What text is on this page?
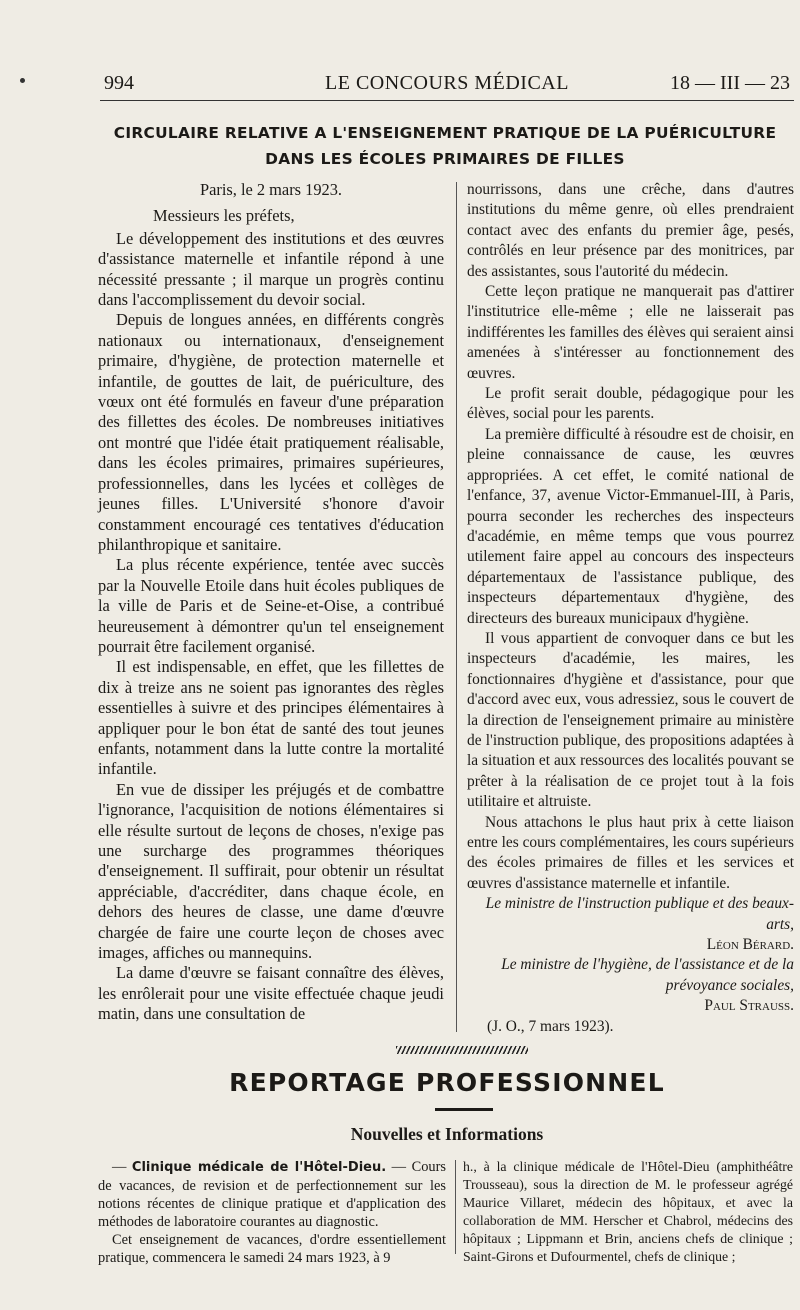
994	LE CONCOURS MÉDICAL	18 — III — 23
CIRCULAIRE RELATIVE A L'ENSEIGNEMENT PRATIQUE DE LA PUÉRICULTURE
DANS LES ÉCOLES PRIMAIRES DE FILLES

Paris, le 2 mars 1923.

Messieurs les préfets,

Le développement des institutions et des œuvres d'assistance maternelle et infantile répond à une nécessité pressante ; il marque un progrès continu dans l'accomplissement du devoir social.

Depuis de longues années, en différents congrès nationaux ou internationaux, d'enseignement primaire, d'hygiène, de protection maternelle et infantile, de gouttes de lait, de puériculture, des vœux ont été formulés en faveur d'une préparation des fillettes des écoles. De nombreuses initiatives ont montré que l'idée était pratiquement réalisable, dans les écoles primaires, primaires supérieures, professionnelles, dans les lycées et collèges de jeunes filles. L'Université s'honore d'avoir constamment encouragé ces tentatives d'éducation philanthropique et sanitaire.

La plus récente expérience, tentée avec succès par la Nouvelle Etoile dans huit écoles publiques de la ville de Paris et de Seine-et-Oise, a contribué heureusement à démontrer qu'un tel enseignement pourrait être facilement organisé.

Il est indispensable, en effet, que les fillettes de dix à treize ans ne soient pas ignorantes des règles essentielles à suivre et des principes élémentaires à appliquer pour le bon état de santé des tout jeunes enfants, notamment dans la lutte contre la mortalité infantile.

En vue de dissiper les préjugés et de combattre l'ignorance, l'acquisition de notions élémentaires si elle résulte surtout de leçons de choses, n'exige pas une surcharge des programmes théoriques d'enseignement. Il suffirait, pour obtenir un résultat appréciable, d'accréditer, dans chaque école, en dehors des heures de classe, une dame d'œuvre chargée de faire une courte leçon de choses avec images, affiches ou mannequins.

La dame d'œuvre se faisant connaître des élèves, les enrôlerait pour une visite effectuée chaque jeudi matin, dans une consultation de

nourrissons, dans une crêche, dans d'autres institutions du même genre, où elles prendraient contact avec des enfants du premier âge, pesés, contrôlés en leur présence par des monitrices, par des assistantes, sous l'autorité du médecin.

Cette leçon pratique ne manquerait pas d'attirer l'institutrice elle-même ; elle ne laisserait pas indifférentes les familles des élèves qui seraient ainsi amenées à s'intéresser au fonctionnement des œuvres.

Le profit serait double, pédagogique pour les élèves, social pour les parents.

La première difficulté à résoudre est de choisir, en pleine connaissance de cause, les œuvres appropriées. A cet effet, le comité national de l'enfance, 37, avenue Victor-Emmanuel-III, à Paris, pourra seconder les recherches des inspecteurs d'académie, en même temps que vous pourrez utilement faire appel au concours des inspecteurs départementaux de l'assistance publique, des inspecteurs départementaux d'hygiène, des directeurs des bureaux municipaux d'hygiène.

Il vous appartient de convoquer dans ce but les inspecteurs d'académie, les maires, les fonctionnaires d'hygiène et d'assistance, pour que d'accord avec eux, vous adressiez, sous le couvert de la direction de l'enseignement primaire au ministère de l'instruction publique, des propositions adaptées à la situation et aux ressources des localités pouvant se prêter à la réalisation de ce projet tout à la fois utilitaire et altruiste.

Nous attachons le plus haut prix à cette liaison entre les cours complémentaires, les cours supérieurs des écoles primaires de filles et les services et œuvres d'assistance maternelle et infantile.

Le ministre de l'instruction publique et des beaux-arts,

Léon Bérard.

Le ministre de l'hygiène, de l'assistance et de la prévoyance sociales,

Paul Strauss.

(J. O., 7 mars 1923).

REPORTAGE PROFESSIONNEL
Nouvelles et Informations

— Clinique médicale de l'Hôtel-Dieu. — Cours de vacances, de revision et de perfectionnement sur les notions récentes de clinique pratique et d'application des méthodes de laboratoire courantes au diagnostic.

Cet enseignement de vacances, d'ordre essentiellement pratique, commencera le samedi 24 mars 1923, à 9

h., à la clinique médicale de l'Hôtel-Dieu (amphithéâtre Trousseau), sous la direction de M. le professeur agrégé Maurice Villaret, médecin des hôpitaux, et avec la collaboration de MM. Herscher et Chabrol, médecins des hôpitaux ; Lippmann et Brin, anciens chefs de clinique ; Saint-Girons et Dufourmentel, chefs de clinique ;
